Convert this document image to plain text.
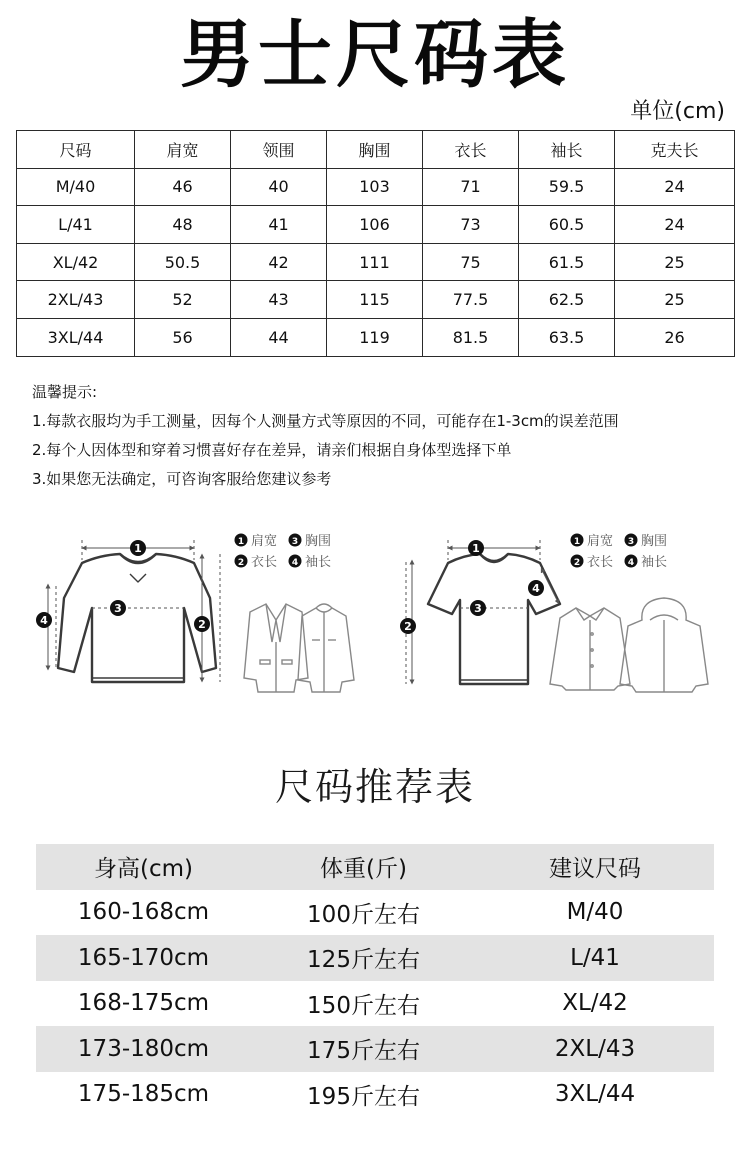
男士尺码表
单位(cm)
尺码	肩宽	领围	胸围	衣长	袖长	克夫长
M/40	46	40	103	71	59.5	24
L/41	48	41	106	73	60.5	24
XL/42	50.5	42	111	75	61.5	25
2XL/43	52	43	115	77.5	62.5	25
3XL/44	56	44	119	81.5	63.5	26
温馨提示:
1.每款衣服均为手工测量，因每个人测量方式等原因的不同，可能存在1-3cm的误差范围
2.每个人因体型和穿着习惯喜好存在差异，请亲们根据自身体型选择下单
3.如果您无法确定，可咨询客服给您建议参考
1
3
4	2
1 肩宽 3 胸围
2 衣长 4 袖长
1
3
2
4
1 肩宽 3 胸围
2 衣长 4 袖长
尺码推荐表
身高(cm)	体重(斤)	建议尺码
160-168cm	100斤左右	M/40
165-170cm	125斤左右	L/41
168-175cm	150斤左右	XL/42
173-180cm	175斤左右	2XL/43
175-185cm	195斤左右	3XL/44
